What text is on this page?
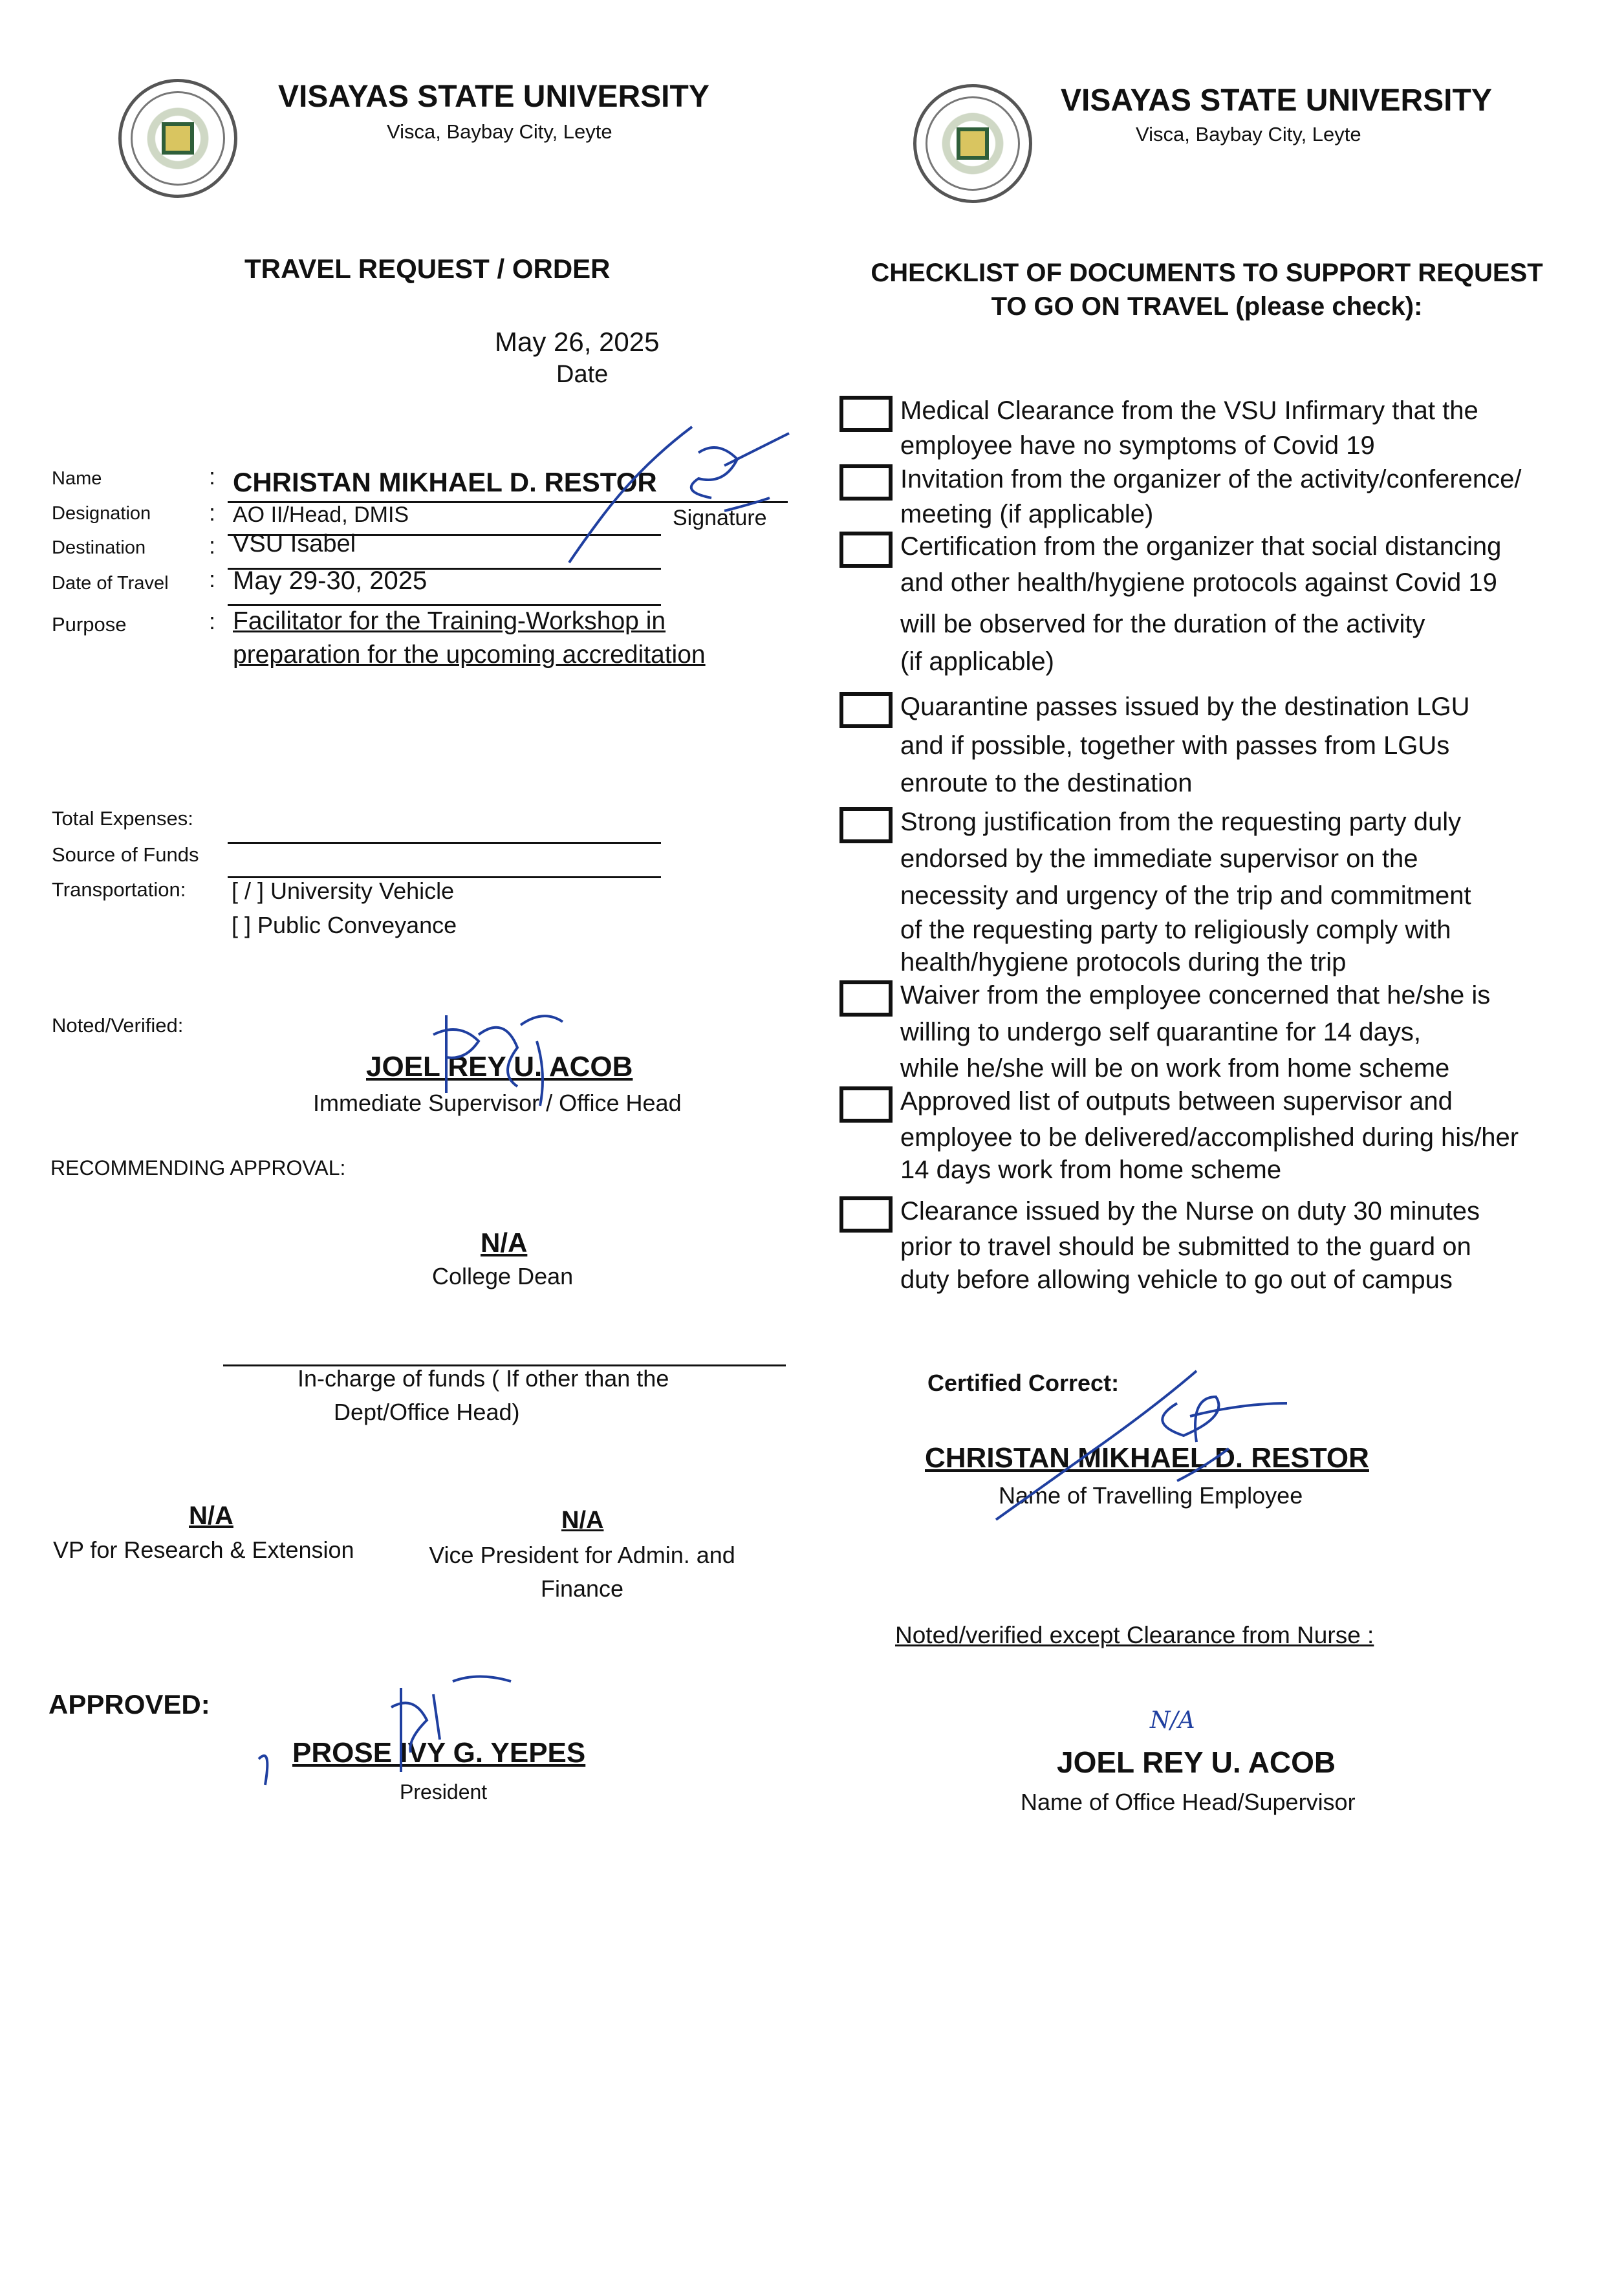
VISAYAS STATE UNIVERSITY
Visca, Baybay City, Leyte
VISAYAS STATE UNIVERSITY
Visca, Baybay City, Leyte
TRAVEL REQUEST / ORDER
May 26, 2025
Date
Name	: CHRISTAN MIKHAEL D. RESTOR
Signature
Designation : AO II/Head, DMIS
Destination	: VSU Isabel
Date of Travel : May 29-30, 2025
Purpose	: Facilitator for the Training-Workshop in
preparation for the upcoming accreditation
Total Expenses:
Source of Funds
Transportation: [ / ] University Vehicle
[ ] Public Conveyance
Noted/Verified:
JOEL REY U. ACOB
Immediate Supervisor / Office Head
RECOMMENDING APPROVAL:
N/A
College Dean
In-charge of funds ( If other than the
Dept/Office Head)
N/A
VP for Research & Extension
N/A
Vice President for Admin. and
Finance
APPROVED:
PROSE IVY G. YEPES
President
CHECKLIST OF DOCUMENTS TO SUPPORT REQUEST
TO GO ON TRAVEL (please check):
Medical Clearance from the VSU Infirmary that the
employee have no symptoms of Covid 19
Invitation from the organizer of the activity/conference/
meeting (if applicable)
Certification from the organizer that social distancing
and other health/hygiene protocols against Covid 19
will be observed for the duration of the activity
(if applicable)
Quarantine passes issued by the destination LGU
and if possible, together with passes from LGUs
enroute to the destination
Strong justification from the requesting party duly
endorsed by the immediate supervisor on the
necessity and urgency of the trip and commitment
of the requesting party to religiously comply with
health/hygiene protocols during the trip
Waiver from the employee concerned that he/she is
willing to undergo self quarantine for 14 days,
while he/she will be on work from home scheme
Approved list of outputs between supervisor and
employee to be delivered/accomplished during his/her
14 days work from home scheme
Clearance issued by the Nurse on duty 30 minutes
prior to travel should be submitted to the guard on
duty before allowing vehicle to go out of campus
Certified Correct:
CHRISTAN MIKHAEL D. RESTOR
Name of Travelling Employee
Noted/verified except Clearance from Nurse :
N/A
JOEL REY U. ACOB
Name of Office Head/Supervisor
